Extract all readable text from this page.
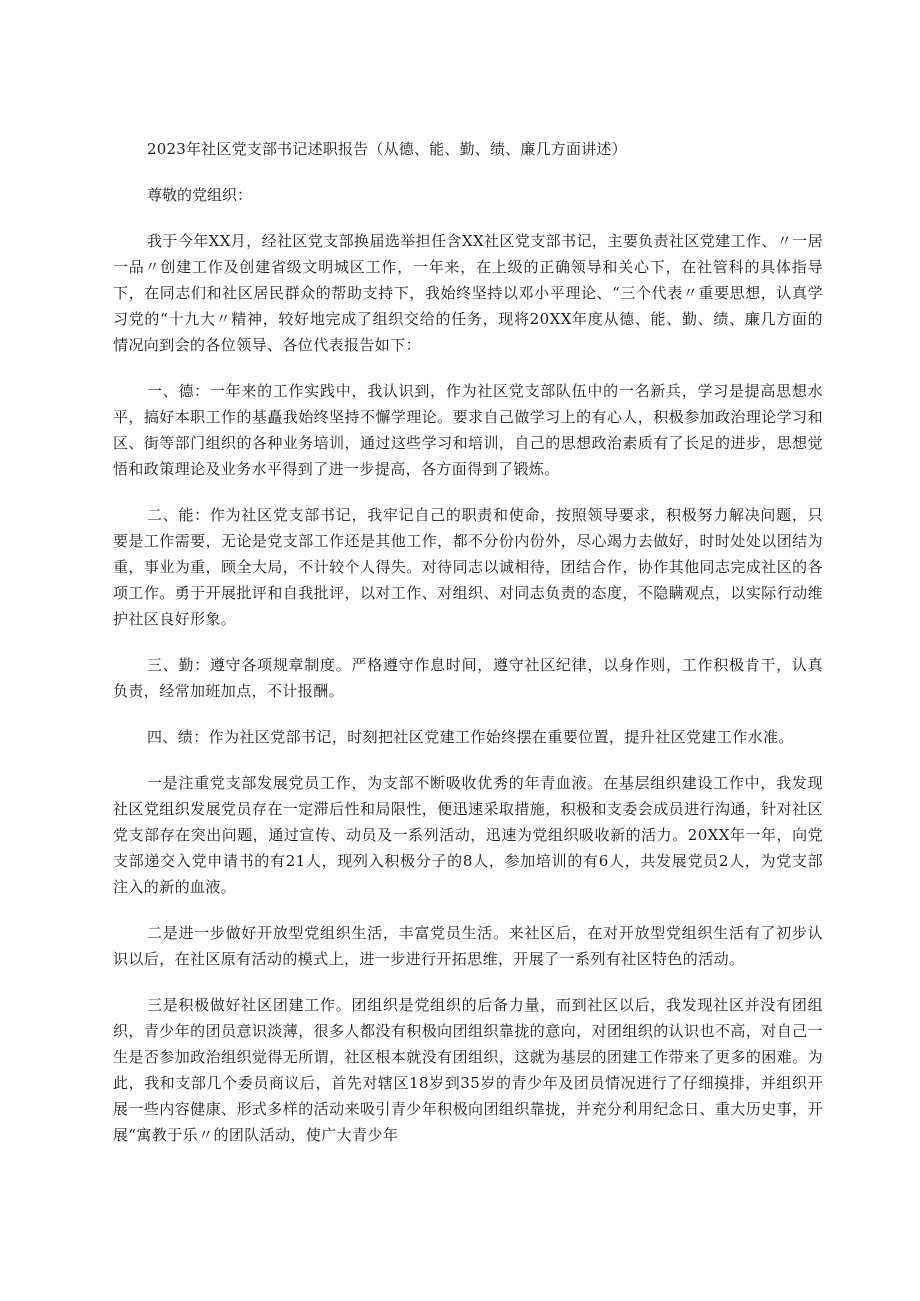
2023年社区党支部书记述职报告（从德、能、勤、绩、廉几方面讲述）

尊敬的党组织：

我于今年XX月，经社区党支部换届选举担任含XX社区党支部书记，主要负责社区党建工作、〃一居一品〃创建工作及创建省级文明城区工作，一年来，在上级的正确领导和关心下，在社管科的具体指导下，在同志们和社区居民群众的帮助支持下，我始终坚持以邓小平理论、“三个代表〃重要思想，认真学习党的“十九大〃精神，较好地完成了组织交给的任务，现将20XX年度从德、能、勤、绩、廉几方面的情况向到会的各位领导、各位代表报告如下：

一、德：一年来的工作实践中，我认识到，作为社区党支部队伍中的一名新兵，学习是提高思想水平，搞好本职工作的基矗我始终坚持不懈学理论。要求自己做学习上的有心人，积极参加政治理论学习和区、街等部门组织的各种业务培训，通过这些学习和培训，自己的思想政治素质有了长足的进步，思想觉悟和政策理论及业务水平得到了进一步提高，各方面得到了锻炼。

二、能：作为社区党支部书记，我牢记自己的职责和使命，按照领导要求，积极努力解决问题，只要是工作需要，无论是党支部工作还是其他工作，都不分份内份外，尽心竭力去做好，时时处处以团结为重，事业为重，顾全大局，不计较个人得失。对待同志以诚相待，团结合作，协作其他同志完成社区的各项工作。勇于开展批评和自我批评，以对工作、对组织、对同志负责的态度，不隐瞒观点，以实际行动维护社区良好形象。

三、勤：遵守各项规章制度。严格遵守作息时间，遵守社区纪律，以身作则，工作积极肯干，认真负责，经常加班加点，不计报酬。

四、绩：作为社区党部书记，时刻把社区党建工作始终摆在重要位置，提升社区党建工作水准。

一是注重党支部发展党员工作，为支部不断吸收优秀的年青血液。在基层组织建设工作中，我发现社区党组织发展党员存在一定滞后性和局限性，便迅速采取措施，积极和支委会成员进行沟通，针对社区党支部存在突出问题，通过宣传、动员及一系列活动，迅速为党组织吸收新的活力。20XX年一年，向党支部递交入党申请书的有21人，现列入积极分子的8人，参加培训的有6人，共发展党员2人，为党支部注入的新的血液。

二是进一步做好开放型党组织生活，丰富党员生活。来社区后，在对开放型党组织生活有了初步认识以后，在社区原有活动的模式上，进一步进行开拓思维，开展了一系列有社区特色的活动。

三是积极做好社区团建工作。团组织是党组织的后备力量，而到社区以后，我发现社区并没有团组织，青少年的团员意识淡薄，很多人都没有积极向团组织靠拢的意向，对团组织的认识也不高，对自己一生是否参加政治组织觉得无所谓，社区根本就没有团组织，这就为基层的团建工作带来了更多的困难。为此，我和支部几个委员商议后，首先对辖区18岁到35岁的青少年及团员情况进行了仔细摸排，并组织开展一些内容健康、形式多样的活动来吸引青少年积极向团组织靠拢，并充分利用纪念日、重大历史事，开展“寓教于乐〃的团队活动，使广大青少年
